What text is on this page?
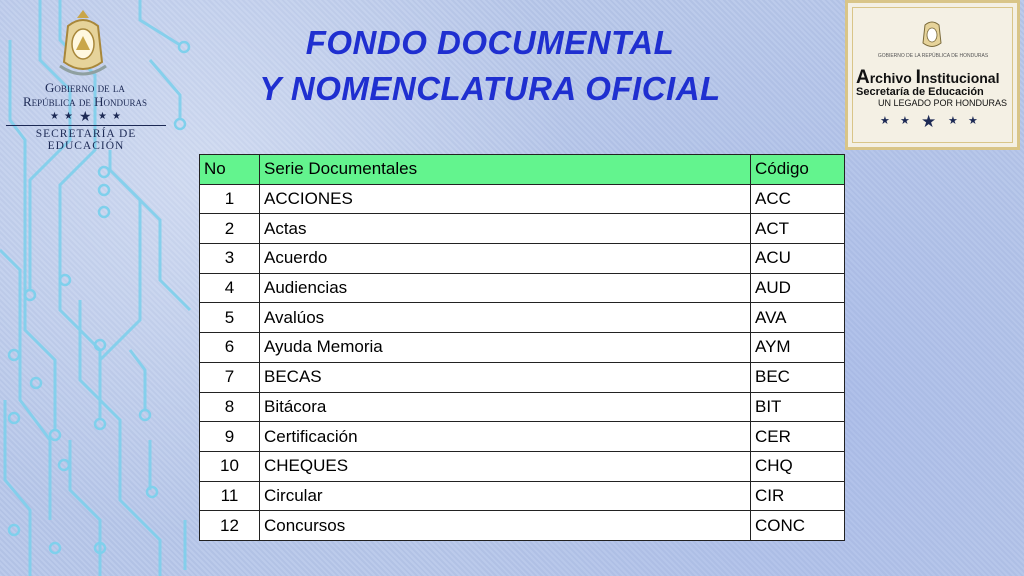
Gobierno de la
República de Honduras
★ ★ ★ ★ ★
SECRETARÍA DE EDUCACIÓN
FONDO DOCUMENTAL
Y NOMENCLATURA OFICIAL
GOBIERNO DE LA REPÚBLICA DE HONDURAS
Archivo Institucional
Secretaría de Educación
UN LEGADO POR HONDURAS
★ ★ ★ ★ ★
No	Serie Documentales	Código
1	ACCIONES	ACC
2	Actas	ACT
3	Acuerdo	ACU
4	Audiencias	AUD
5	Avalúos	AVA
6	Ayuda Memoria	AYM
7	BECAS	BEC
8	Bitácora	BIT
9	Certificación	CER
10	CHEQUES	CHQ
11	Circular	CIR
12	Concursos	CONC
